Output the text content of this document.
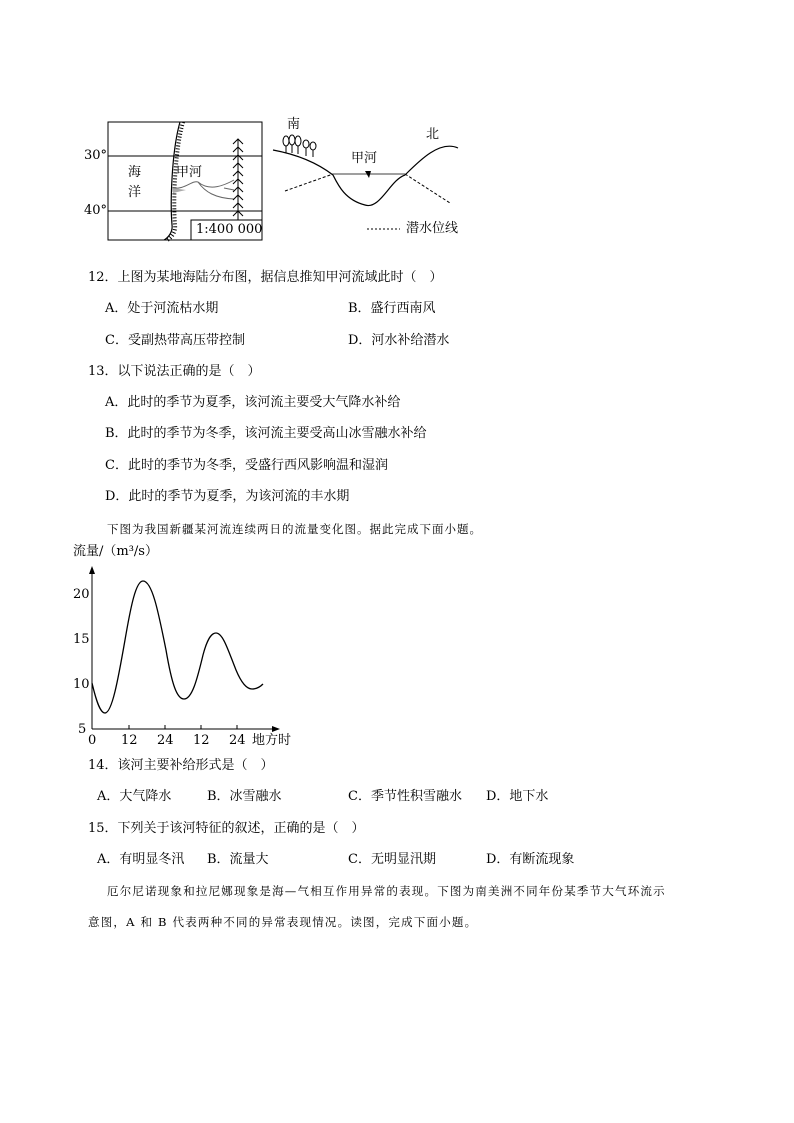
30°
40°
海
洋
甲河
1:400 000
南
北
甲河
潜水位线
12．上图为某地海陆分布图，据信息推知甲河流域此时（　）
A．处于河流枯水期	B．盛行西南风
C．受副热带高压带控制	D．河水补给潜水
13．以下说法正确的是（　）
A．此时的季节为夏季，该河流主要受大气降水补给
B．此时的季节为冬季，该河流主要受高山冰雪融水补给
C．此时的季节为冬季，受盛行西风影响温和湿润
D．此时的季节为夏季，为该河流的丰水期
下图为我国新疆某河流连续两日的流量变化图。据此完成下面小题。
流量/（m³/s）
20
15
10
5
0 12 24 12 24 地方时
14．该河主要补给形式是（　）
A．大气降水	B．冰雪融水	C．季节性积雪融水 D．地下水
15．下列关于该河特征的叙述，正确的是（　）
A．有明显冬汛 B．流量大	C．无明显汛期	D．有断流现象
厄尔尼诺现象和拉尼娜现象是海—气相互作用异常的表现。下图为南美洲不同年份某季节大气环流示
意图，A 和 B 代表两种不同的异常表现情况。读图，完成下面小题。
